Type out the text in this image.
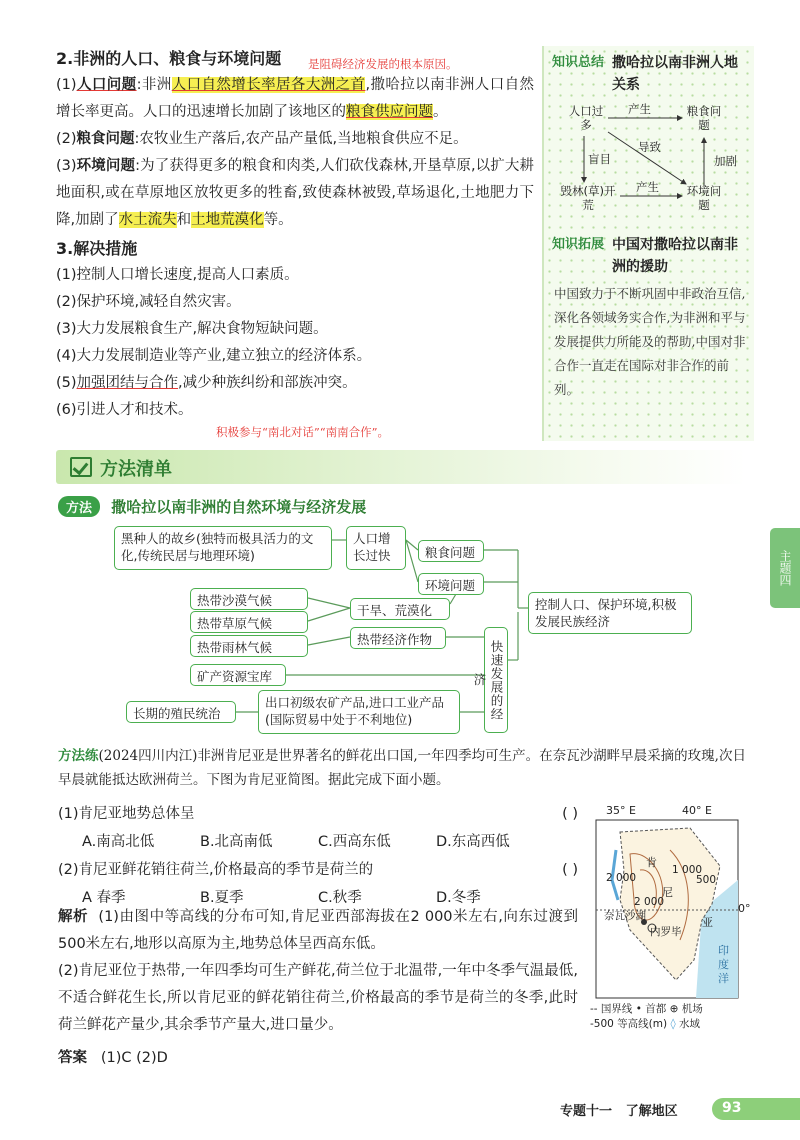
2.非洲的人口、粮食与环境问题

(1)人口问题:非洲人口自然增长率居各大洲之首,撒哈拉以南非洲人口自然增长率更高。人口的迅速增长加剧了该地区的粮食供应问题。

(2)粮食问题:农牧业生产落后,农产品产量低,当地粮食供应不足。

(3)环境问题:为了获得更多的粮食和肉类,人们砍伐森林,开垦草原,以扩大耕地面积,或在草原地区放牧更多的牲畜,致使森林被毁,草场退化,土地肥力下降,加剧了水土流失和土地荒漠化等。

3.解决措施

(1)控制人口增长速度,提高人口素质。

(2)保护环境,减轻自然灾害。

(3)大力发展粮食生产,解决食物短缺问题。

(4)大力发展制造业等产业,建立独立的经济体系。

(5)加强团结与合作,减少种族纠纷和部族冲突。

(6)引进人才和技术。

是阻碍经济发展的根本原因。
积极参与“南北对话”“南南合作”。
知识总结 撒哈拉以南非洲人地关系
人口过多
粮食问题
毁林(草)开荒
环境问题
产生
盲目
导致
加剧
产生
知识拓展 中国对撒哈拉以南非洲的援助
中国致力于不断巩固中非政治互信,深化各领域务实合作,为非洲和平与发展提供力所能及的帮助,中国对非合作一直走在国际对非合作的前列。
方法清单
方法 撒哈拉以南非洲的自然环境与经济发展
黑种人的故乡(独特而极具活力的文化,传统民居与地理环境)
人口增长过快	粮食问题
环境问题
热带沙漠气候
热带草原气候
热带雨林气候
干旱、荒漠化
热带经济作物
矿产资源宝库
长期的殖民统治
出口初级农矿产品,进口工业产品(国际贸易中处于不利地位)	快速发展的经济
控制人口、保护环境,积极发展民族经济
主题四
方法练(2024四川内江)非洲肯尼亚是世界著名的鲜花出口国,一年四季均可生产。在奈瓦沙湖畔早晨采摘的玫瑰,次日早晨就能抵达欧洲荷兰。下图为肯尼亚简图。据此完成下面小题。
(1)肯尼亚地势总体呈	( )
A.南高北低	B.北高南低	C.西高东低	D.东高西低
(2)肯尼亚鲜花销往荷兰,价格最高的季节是荷兰的	( )
A 春季	B.夏季	C.秋季	D.冬季
解析 (1)由图中等高线的分布可知,肯尼亚西部海拔在2 000米左右,向东过渡到500米左右,地形以高原为主,地势总体呈西高东低。
(2)肯尼亚位于热带,一年四季均可生产鲜花,荷兰位于北温带,一年中冬季气温最低,不适合鲜花生长,所以肯尼亚的鲜花销往荷兰,价格最高的季节是荷兰的冬季,此时荷兰鲜花产量少,其余季节产量大,进口量少。
答案 (1)C (2)D
35° E	40° E
0°
肯
尼
亚
2 000
1 000
500
2 000
奈瓦沙湖
内罗毕
印
度
洋
-- 国界线 • 首都 ⊕ 机场
-500 等高线(m) ◊ 水域
专题十一 了解地区	93
